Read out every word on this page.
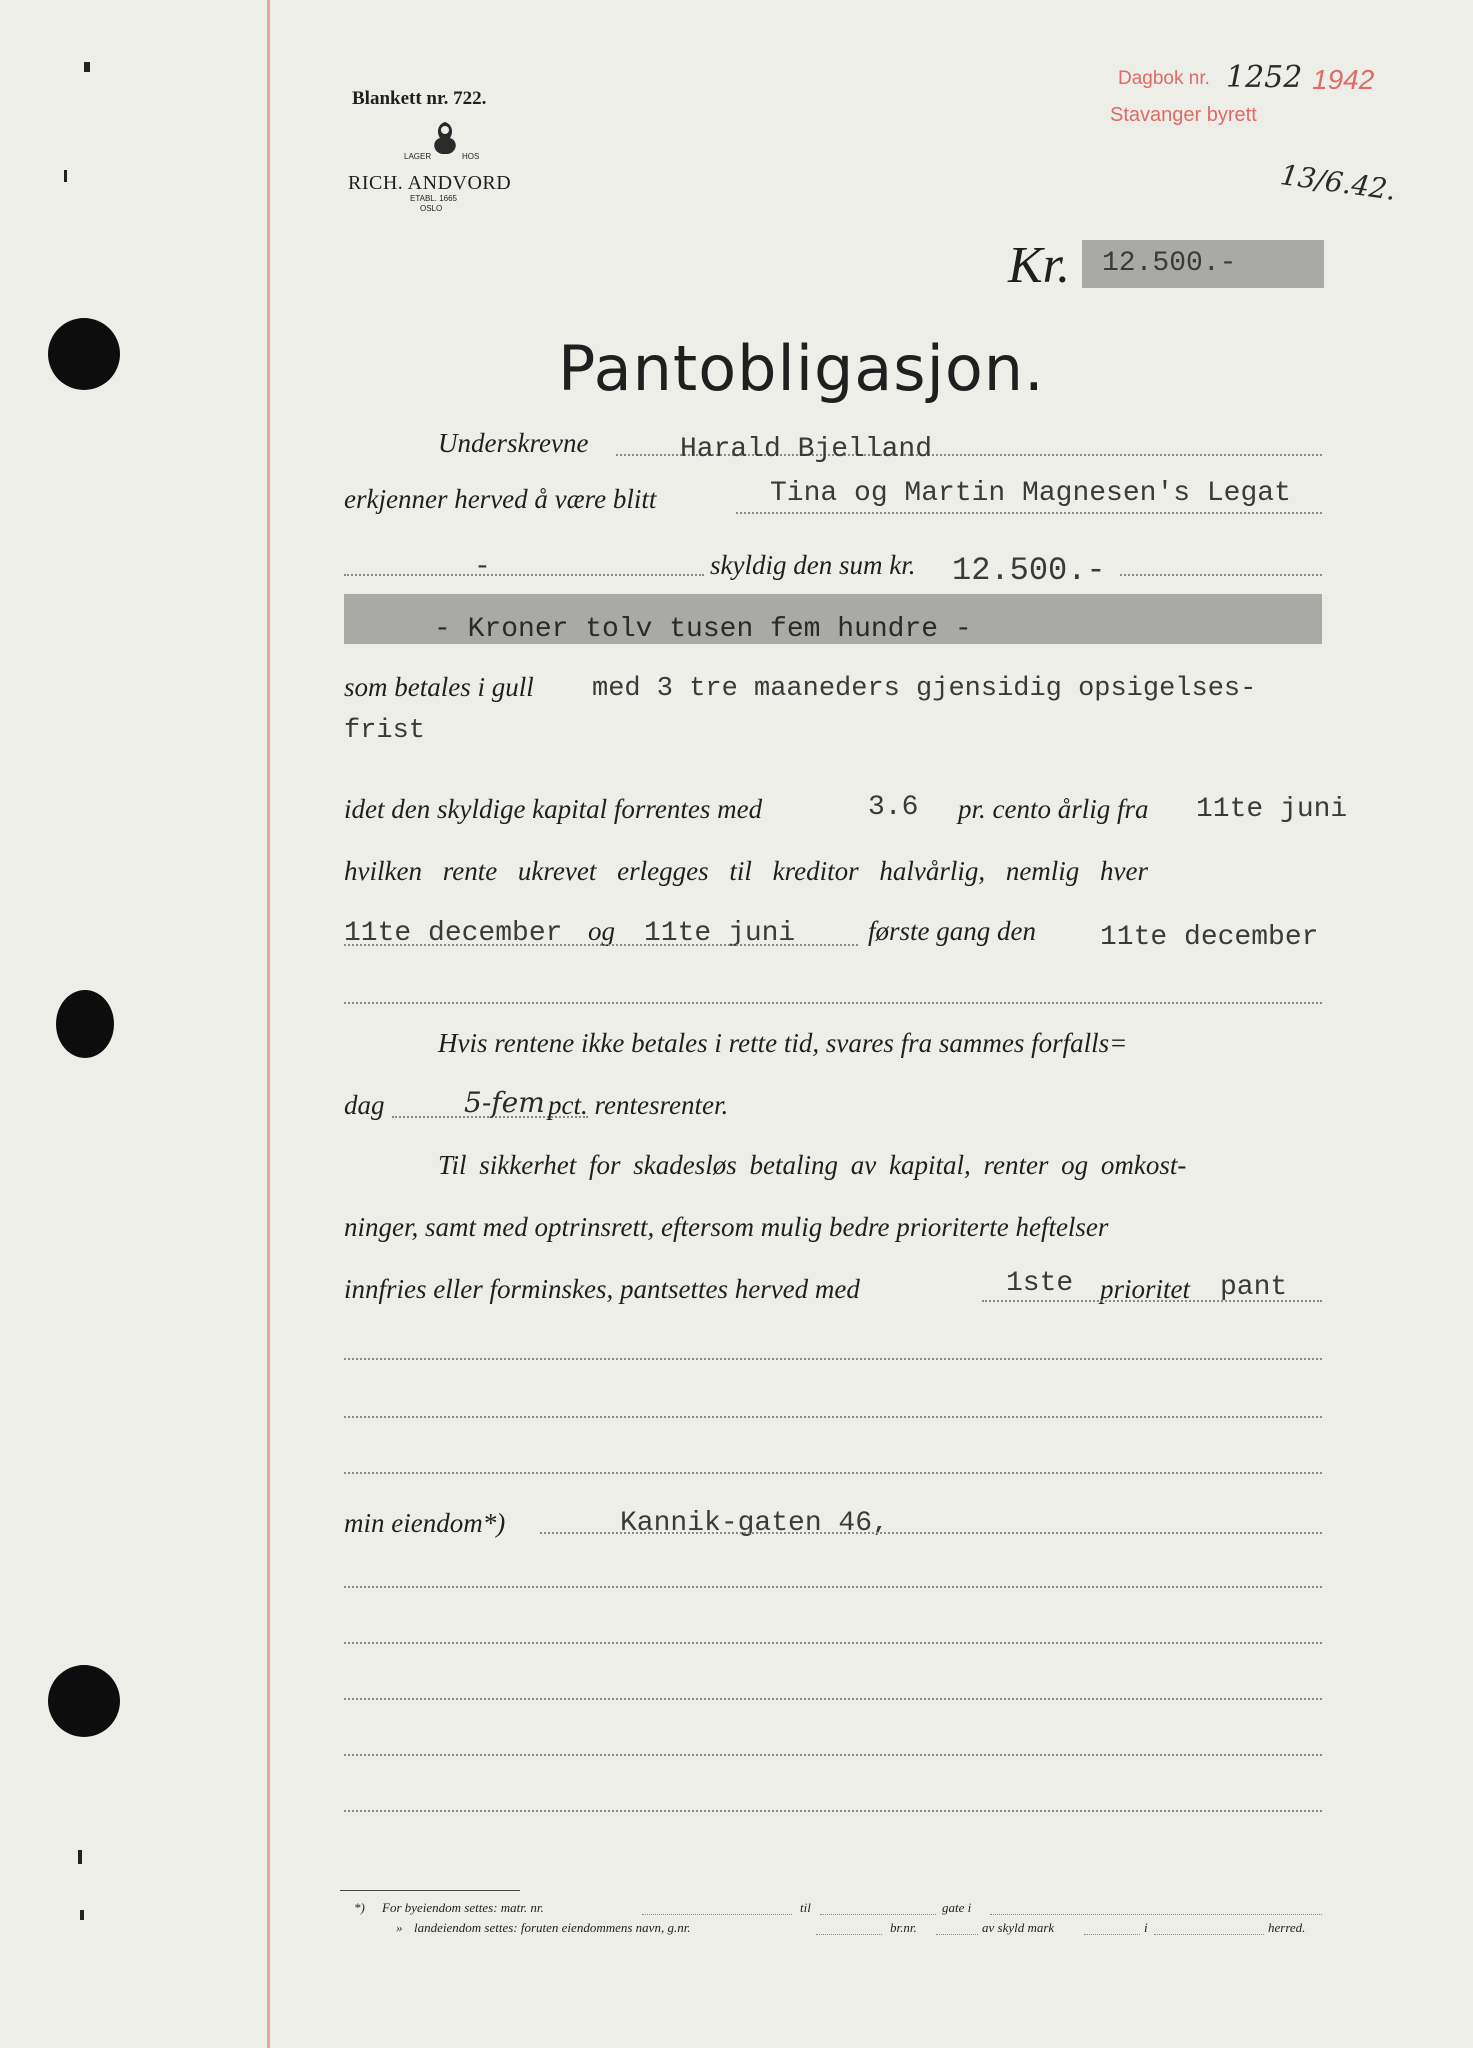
Blankett nr. 722.
LAGER	HOS
RICH. ANDVORD
ETABL. 1665
OSLO
Dagbok nr. 1252 1942
Stavanger byrett
13/6.42.
Kr. 12.500.-
Pantobligasjon.
Underskrevne	Harald Bjelland
erkjenner herved å være blitt	Tina og Martin Magnesen's Legat
-	skyldig den sum kr. 12.500.-
- Kroner tolv tusen fem hundre -
som betales i gull med 3 tre maaneders gjensidig opsigelses-
frist
idet den skyldige kapital forrentes med	3.6 pr. cento årlig fra 11te juni
hvilken rente ukrevet erlegges til kreditor halvårlig, nemlig hver
11te december og 11te juni	første gang den 11te december
Hvis rentene ikke betales i rette tid, svares fra sammes forfalls=
dag	5-fem pct. rentesrenter.
Til sikkerhet for skadesløs betaling av kapital, renter og omkost-
ninger, samt med optrinsrett, eftersom mulig bedre prioriterte heftelser
innfries eller forminskes, pantsettes herved med	1ste prioritet pant
min eiendom*)	Kannik-gaten 46,
*) For byeiendom settes: matr. nr.	til	gate i
» landeiendom settes: foruten eiendommens navn, g.nr.	br.nr.	av skyld mark	i	herred.
